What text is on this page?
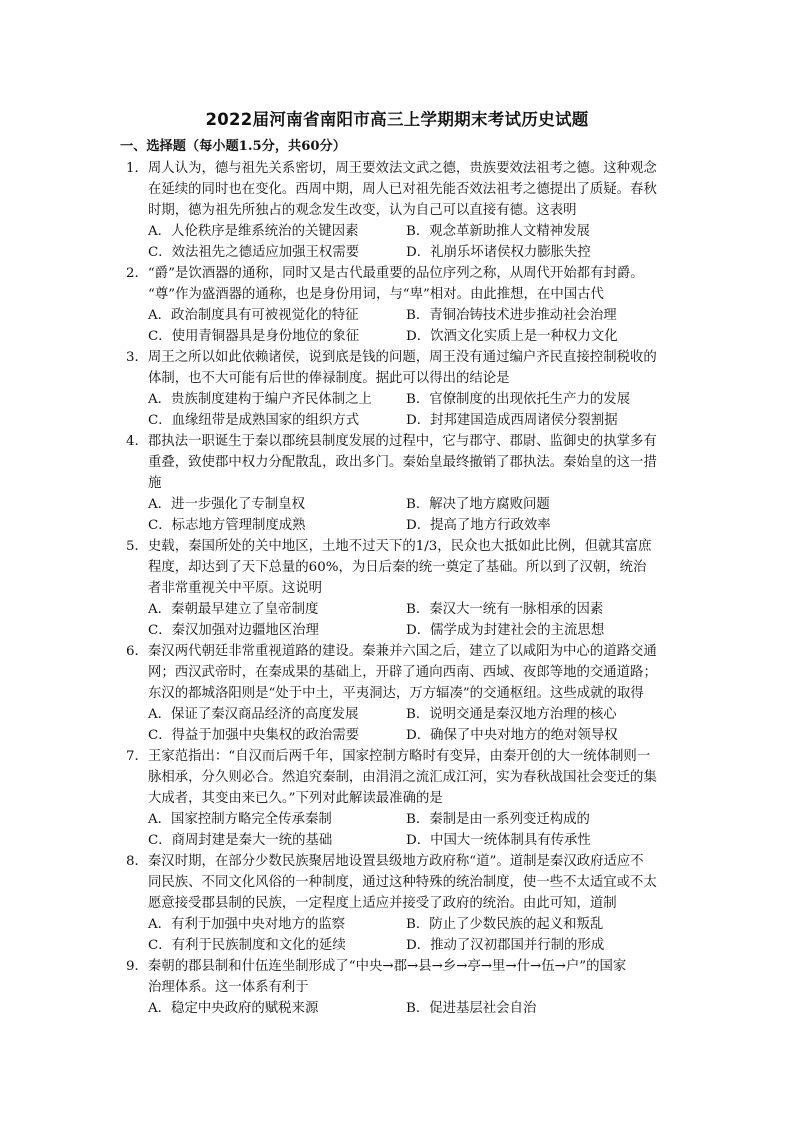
2022届河南省南阳市高三上学期期末考试历史试题
一、选择题（每小题1.5分，共60分）
1．周人认为，德与祖先关系密切，周王要效法文武之德，贵族要效法祖考之德。这种观念
在延续的同时也在变化。西周中期，周人已对祖先能否效法祖考之德提出了质疑。春秋
时期，德为祖先所独占的观念发生改变，认为自己可以直接有德。这表明
A．人伦秩序是维系统治的关键因素	B．观念革新助推人文精神发展
C．效法祖先之德适应加强王权需要	D．礼崩乐坏诸侯权力膨胀失控
2．“爵”是饮酒器的通称，同时又是古代最重要的品位序列之称，从周代开始都有封爵。
“尊”作为盛酒器的通称，也是身份用词，与“卑”相对。由此推想，在中国古代
A．政治制度具有可被视觉化的特征	B．青铜冶铸技术进步推动社会治理
C．使用青铜器具是身份地位的象征	D．饮酒文化实质上是一种权力文化
3．周王之所以如此依赖诸侯，说到底是钱的问题，周王没有通过编户齐民直接控制税收的
体制，也不大可能有后世的俸禄制度。据此可以得出的结论是
A．贵族制度建构于编户齐民体制之上	B．官僚制度的出现依托生产力的发展
C．血缘纽带是成熟国家的组织方式	D．封邦建国造成西周诸侯分裂割据
4．郡执法一职诞生于秦以郡统县制度发展的过程中，它与郡守、郡尉、监御史的执掌多有
重叠，致使郡中权力分配散乱，政出多门。秦始皇最终撤销了郡执法。秦始皇的这一措
施
A．进一步强化了专制皇权	B．解决了地方腐败问题
C．标志地方管理制度成熟	D．提高了地方行政效率
5．史载，秦国所处的关中地区，土地不过天下的1/3，民众也大抵如此比例，但就其富庶
程度，却达到了天下总量的60%，为日后秦的统一奠定了基础。所以到了汉朝，统治
者非常重视关中平原。这说明
A．秦朝最早建立了皇帝制度	B．秦汉大一统有一脉相承的因素
C．秦汉加强对边疆地区治理	D．儒学成为封建社会的主流思想
6．秦汉两代朝廷非常重视道路的建设。秦兼并六国之后，建立了以咸阳为中心的道路交通
网；西汉武帝时，在秦成果的基础上，开辟了通向西南、西域、夜郎等地的交通道路；
东汉的都城洛阳则是“处于中土，平夷洞达，万方辐凑”的交通枢纽。这些成就的取得
A．保证了秦汉商品经济的高度发展	B．说明交通是秦汉地方治理的核心
C．得益于加强中央集权的政治需要	D．确保了中央对地方的绝对领导权
7．王家范指出：“自汉而后两千年，国家控制方略时有变异，由秦开创的大一统体制则一
脉相承，分久则必合。然追究秦制，由涓涓之流汇成江河，实为春秋战国社会变迁的集
大成者，其变由来已久。”下列对此解读最准确的是
A．国家控制方略完全传承秦制	B．秦制是由一系列变迁构成的
C．商周封建是秦大一统的基础	D．中国大一统体制具有传承性
8．秦汉时期，在部分少数民族聚居地设置县级地方政府称“道”。道制是秦汉政府适应不
同民族、不同文化风俗的一种制度，通过这种特殊的统治制度，使一些不太适宜或不太
愿意接受郡县制的民族，一定程度上适应并接受了政府的统治。由此可知，道制
A．有利于加强中央对地方的监察	B．防止了少数民族的起义和叛乱
C．有利于民族制度和文化的延续	D．推动了汉初郡国并行制的形成
9．秦朝的郡县制和什伍连坐制形成了“中央→郡→县→乡→亭→里→什→伍→户”的国家
治理体系。这一体系有利于
A．稳定中央政府的赋税来源	B．促进基层社会自治
